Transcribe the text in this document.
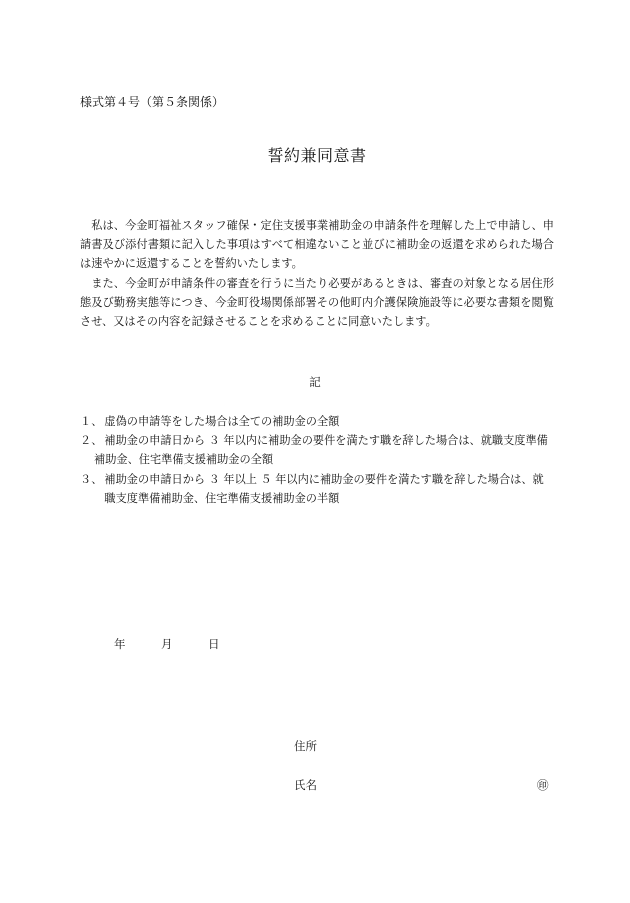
様式第４号（第５条関係）
誓約兼同意書

私は、今金町福祉スタッフ確保・定住支援事業補助金の申請条件を理解した上で申請し、申請書及び添付書類に記入した事項はすべて相違ないこと並びに補助金の返還を求められた場合は速やかに返還することを誓約いたします。

また、今金町が申請条件の審査を行うに当たり必要があるときは、審査の対象となる居住形態及び勤務実態等につき、今金町役場関係部署その他町内介護保険施設等に必要な書類を閲覧させ、又はその内容を記録させることを求めることに同意いたします。

記
１、 虚偽の申請等をした場合は全ての補助金の全額
２、 補助金の申請日から ３ 年以内に補助金の要件を満たす職を辞した場合は、就職支度準備
補助金、住宅準備支援補助金の全額
３、 補助金の申請日から ３ 年以上 ５ 年以内に補助金の要件を満たす職を辞した場合は、就職支度準備補助金、住宅準備支援補助金の半額
年	月	日
住所
氏名	㊞
